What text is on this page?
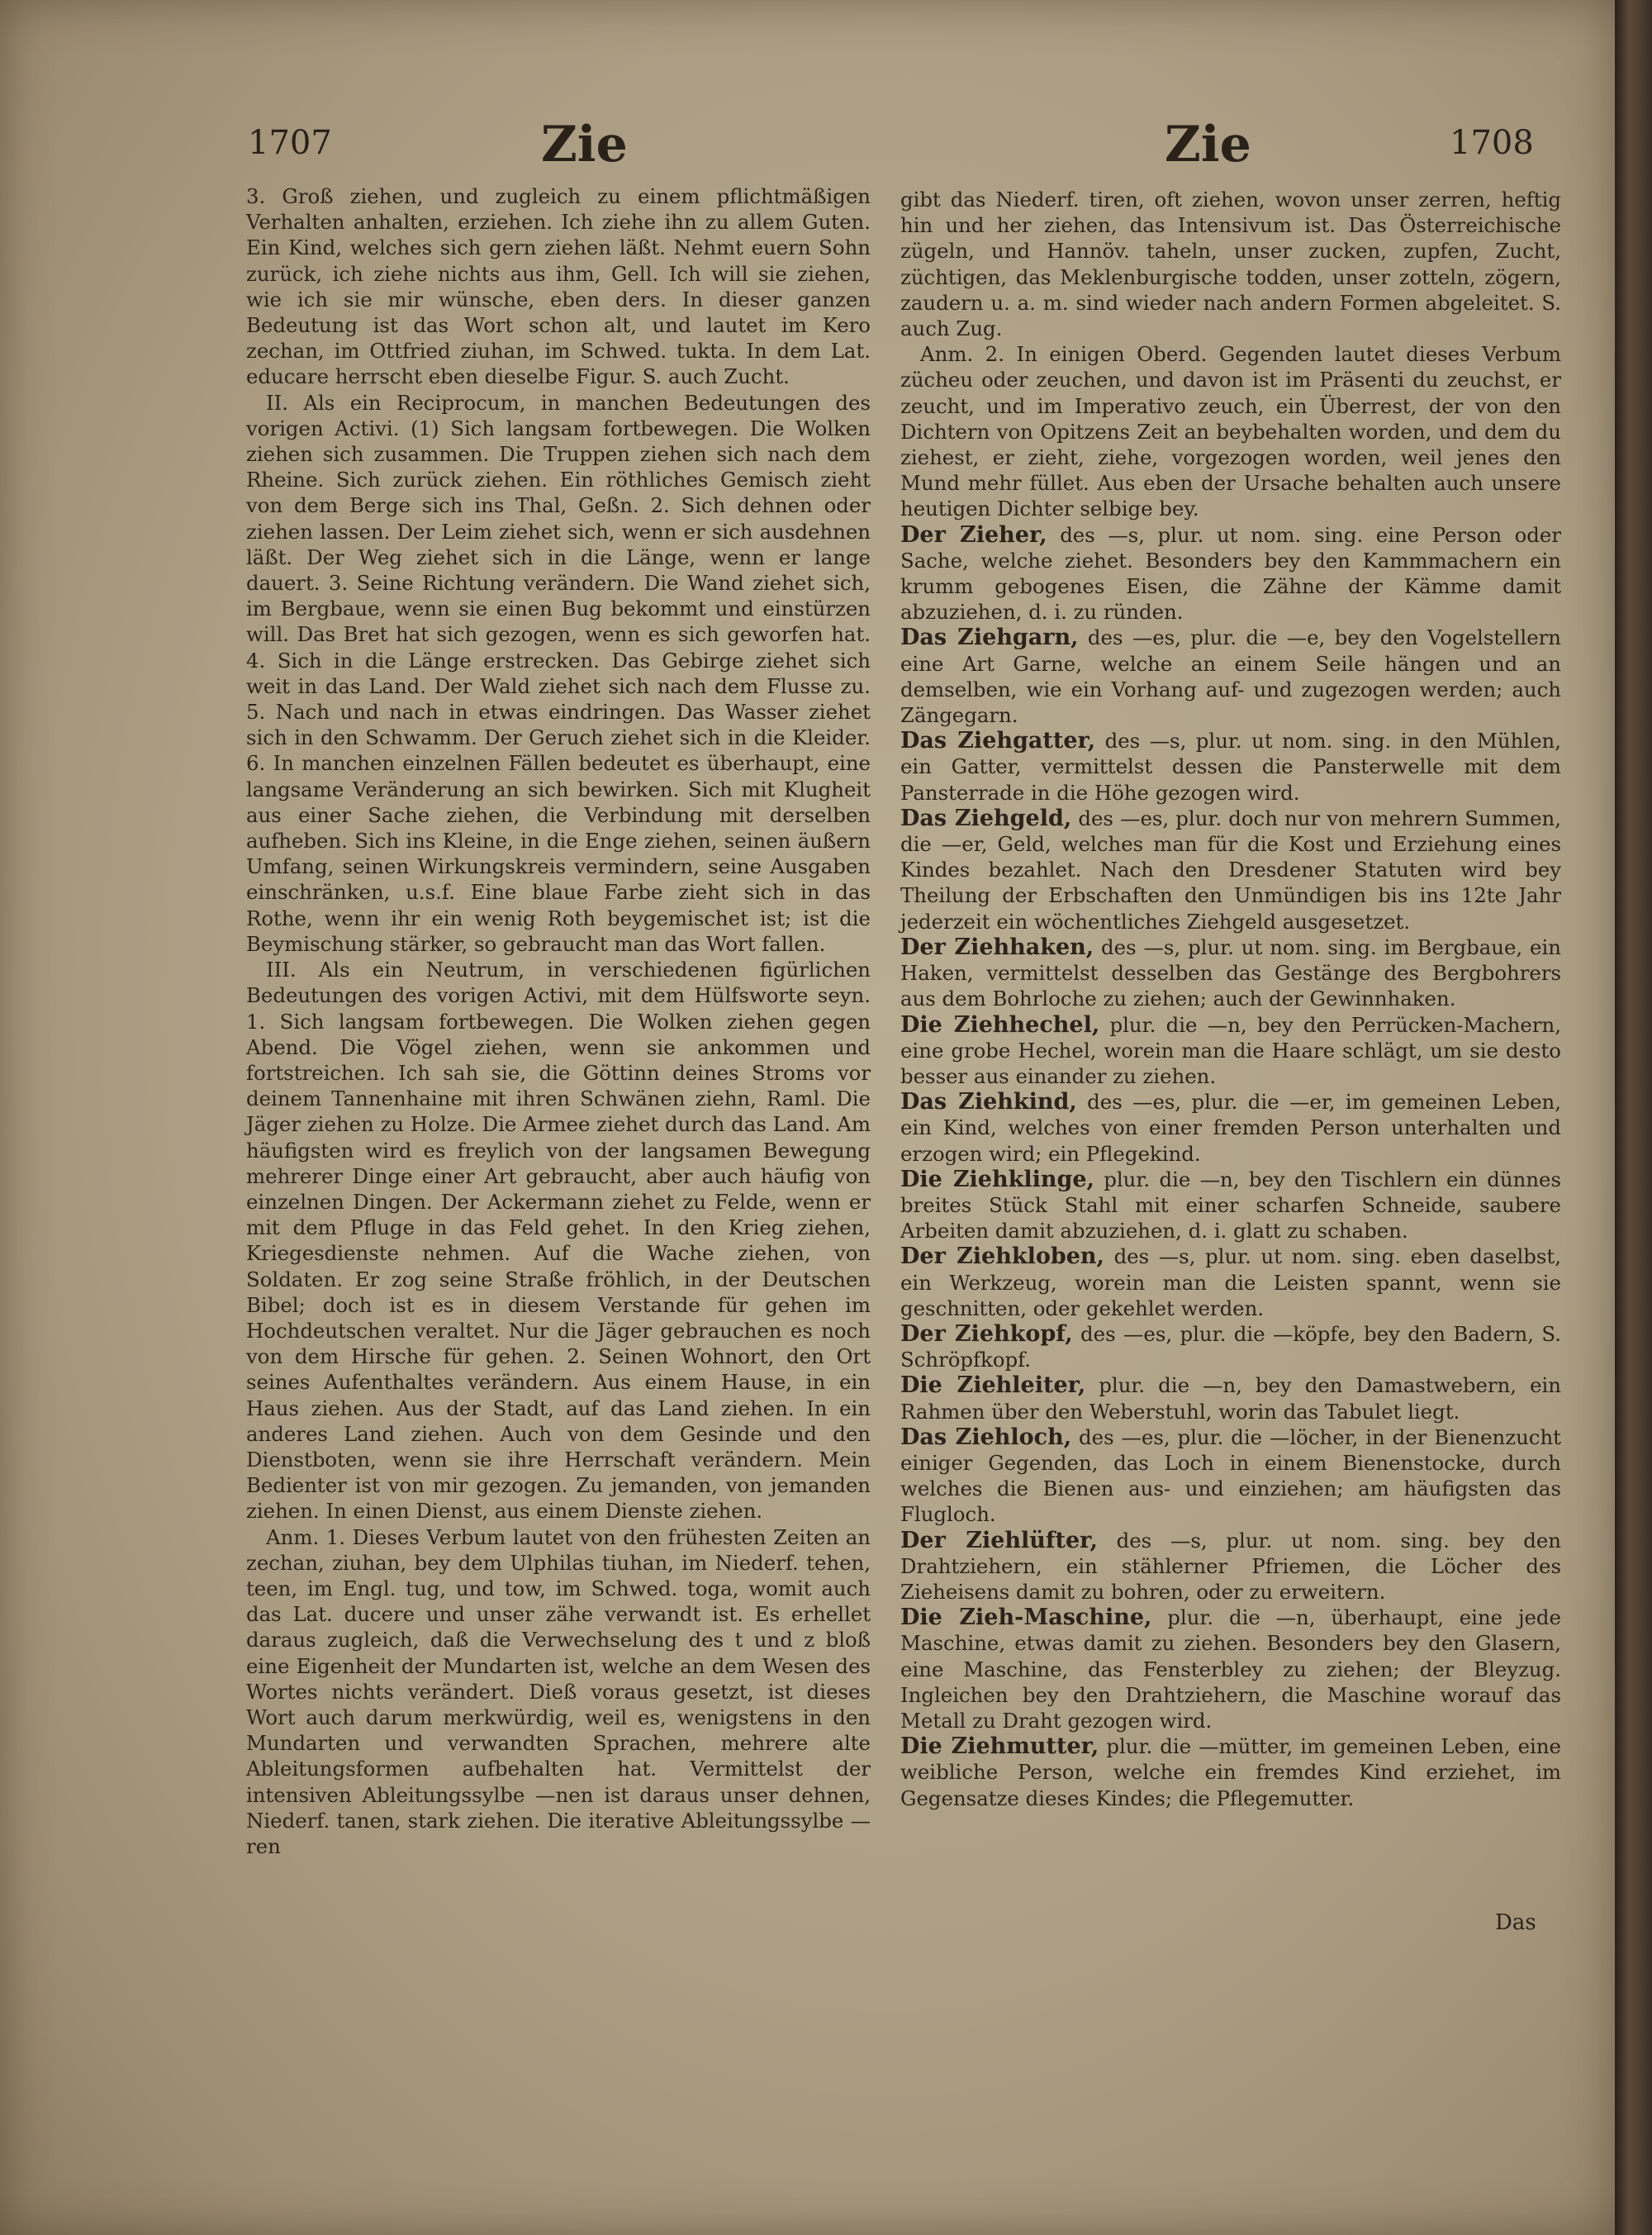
1707	Zie	Zie	1708

3. Groß ziehen, und zugleich zu einem pflichtmäßigen Verhalten anhalten, erziehen. Ich ziehe ihn zu allem Guten. Ein Kind, welches sich gern ziehen läßt. Nehmt euern Sohn zurück, ich ziehe nichts aus ihm, Gell. Ich will sie ziehen, wie ich sie mir wünsche, eben ders. In dieser ganzen Bedeutung ist das Wort schon alt, und lautet im Kero zechan, im Ottfried ziuhan, im Schwed. tukta. In dem Lat. educare herrscht eben dieselbe Figur. S. auch Zucht.

II. Als ein Reciprocum, in manchen Bedeutungen des vorigen Activi. (1) Sich langsam fortbewegen. Die Wolken ziehen sich zusammen. Die Truppen ziehen sich nach dem Rheine. Sich zurück ziehen. Ein röthliches Gemisch zieht von dem Berge sich ins Thal, Geßn. 2. Sich dehnen oder ziehen lassen. Der Leim ziehet sich, wenn er sich ausdehnen läßt. Der Weg ziehet sich in die Länge, wenn er lange dauert. 3. Seine Richtung verändern. Die Wand ziehet sich, im Bergbaue, wenn sie einen Bug bekommt und einstürzen will. Das Bret hat sich gezogen, wenn es sich geworfen hat. 4. Sich in die Länge erstrecken. Das Gebirge ziehet sich weit in das Land. Der Wald ziehet sich nach dem Flusse zu. 5. Nach und nach in etwas eindringen. Das Wasser ziehet sich in den Schwamm. Der Geruch ziehet sich in die Kleider. 6. In manchen einzelnen Fällen bedeutet es überhaupt, eine langsame Veränderung an sich bewirken. Sich mit Klugheit aus einer Sache ziehen, die Verbindung mit derselben aufheben. Sich ins Kleine, in die Enge ziehen, seinen äußern Umfang, seinen Wirkungskreis vermindern, seine Ausgaben einschränken, u.s.f. Eine blaue Farbe zieht sich in das Rothe, wenn ihr ein wenig Roth beygemischet ist; ist die Beymischung stärker, so gebraucht man das Wort fallen.

III. Als ein Neutrum, in verschiedenen figürlichen Bedeutungen des vorigen Activi, mit dem Hülfsworte seyn. 1. Sich langsam fortbewegen. Die Wolken ziehen gegen Abend. Die Vögel ziehen, wenn sie ankommen und fortstreichen. Ich sah sie, die Göttinn deines Stroms vor deinem Tannenhaine mit ihren Schwänen ziehn, Raml. Die Jäger ziehen zu Holze. Die Armee ziehet durch das Land. Am häufigsten wird es freylich von der langsamen Bewegung mehrerer Dinge einer Art gebraucht, aber auch häufig von einzelnen Dingen. Der Ackermann ziehet zu Felde, wenn er mit dem Pfluge in das Feld gehet. In den Krieg ziehen, Kriegesdienste nehmen. Auf die Wache ziehen, von Soldaten. Er zog seine Straße fröhlich, in der Deutschen Bibel; doch ist es in diesem Verstande für gehen im Hochdeutschen veraltet. Nur die Jäger gebrauchen es noch von dem Hirsche für gehen. 2. Seinen Wohnort, den Ort seines Aufenthaltes verändern. Aus einem Hause, in ein Haus ziehen. Aus der Stadt, auf das Land ziehen. In ein anderes Land ziehen. Auch von dem Gesinde und den Dienstboten, wenn sie ihre Herrschaft verändern. Mein Bedienter ist von mir gezogen. Zu jemanden, von jemanden ziehen. In einen Dienst, aus einem Dienste ziehen.

Anm. 1. Dieses Verbum lautet von den frühesten Zeiten an zechan, ziuhan, bey dem Ulphilas tiuhan, im Niederf. tehen, teen, im Engl. tug, und tow, im Schwed. toga, womit auch das Lat. ducere und unser zähe verwandt ist. Es erhellet daraus zugleich, daß die Verwechselung des t und z bloß eine Eigenheit der Mundarten ist, welche an dem Wesen des Wortes nichts verändert. Dieß voraus gesetzt, ist dieses Wort auch darum merkwürdig, weil es, wenigstens in den Mundarten und verwandten Sprachen, mehrere alte Ableitungsformen aufbehalten hat. Vermittelst der intensiven Ableitungssylbe —nen ist daraus unser dehnen, Niederf. tanen, stark ziehen. Die iterative Ableitungssylbe —ren

gibt das Niederf. tiren, oft ziehen, wovon unser zerren, heftig hin und her ziehen, das Intensivum ist. Das Österreichische zügeln, und Hannöv. taheln, unser zucken, zupfen, Zucht, züchtigen, das Meklenburgische todden, unser zotteln, zögern, zaudern u. a. m. sind wieder nach andern Formen abgeleitet. S. auch Zug.

Anm. 2. In einigen Oberd. Gegenden lautet dieses Verbum zücheu oder zeuchen, und davon ist im Präsenti du zeuchst, er zeucht, und im Imperativo zeuch, ein Überrest, der von den Dichtern von Opitzens Zeit an beybehalten worden, und dem du ziehest, er zieht, ziehe, vorgezogen worden, weil jenes den Mund mehr füllet. Aus eben der Ursache behalten auch unsere heutigen Dichter selbige bey.

Der Zieher, des —s, plur. ut nom. sing. eine Person oder Sache, welche ziehet. Besonders bey den Kammmachern ein krumm gebogenes Eisen, die Zähne der Kämme damit abzuziehen, d. i. zu ründen.

Das Ziehgarn, des —es, plur. die —e, bey den Vogelstellern eine Art Garne, welche an einem Seile hängen und an demselben, wie ein Vorhang auf- und zugezogen werden; auch Zängegarn.

Das Ziehgatter, des —s, plur. ut nom. sing. in den Mühlen, ein Gatter, vermittelst dessen die Pansterwelle mit dem Pansterrade in die Höhe gezogen wird.

Das Ziehgeld, des —es, plur. doch nur von mehrern Summen, die —er, Geld, welches man für die Kost und Erziehung eines Kindes bezahlet. Nach den Dresdener Statuten wird bey Theilung der Erbschaften den Unmündigen bis ins 12te Jahr jederzeit ein wöchentliches Ziehgeld ausgesetzet.

Der Ziehhaken, des —s, plur. ut nom. sing. im Bergbaue, ein Haken, vermittelst desselben das Gestänge des Bergbohrers aus dem Bohrloche zu ziehen; auch der Gewinnhaken.

Die Ziehhechel, plur. die —n, bey den Perrücken-Machern, eine grobe Hechel, worein man die Haare schlägt, um sie desto besser aus einander zu ziehen.

Das Ziehkind, des —es, plur. die —er, im gemeinen Leben, ein Kind, welches von einer fremden Person unterhalten und erzogen wird; ein Pflegekind.

Die Ziehklinge, plur. die —n, bey den Tischlern ein dünnes breites Stück Stahl mit einer scharfen Schneide, saubere Arbeiten damit abzuziehen, d. i. glatt zu schaben.

Der Ziehkloben, des —s, plur. ut nom. sing. eben daselbst, ein Werkzeug, worein man die Leisten spannt, wenn sie geschnitten, oder gekehlet werden.

Der Ziehkopf, des —es, plur. die —köpfe, bey den Badern, S. Schröpfkopf.

Die Ziehleiter, plur. die —n, bey den Damastwebern, ein Rahmen über den Weberstuhl, worin das Tabulet liegt.

Das Ziehloch, des —es, plur. die —löcher, in der Bienenzucht einiger Gegenden, das Loch in einem Bienenstocke, durch welches die Bienen aus- und einziehen; am häufigsten das Flugloch.

Der Ziehlüfter, des —s, plur. ut nom. sing. bey den Drahtziehern, ein stählerner Pfriemen, die Löcher des Zieheisens damit zu bohren, oder zu erweitern.

Die Zieh-Maschine, plur. die —n, überhaupt, eine jede Maschine, etwas damit zu ziehen. Besonders bey den Glasern, eine Maschine, das Fensterbley zu ziehen; der Bleyzug. Ingleichen bey den Drahtziehern, die Maschine worauf das Metall zu Draht gezogen wird.

Die Ziehmutter, plur. die —mütter, im gemeinen Leben, eine weibliche Person, welche ein fremdes Kind erziehet, im Gegensatze dieses Kindes; die Pflegemutter.

Das
